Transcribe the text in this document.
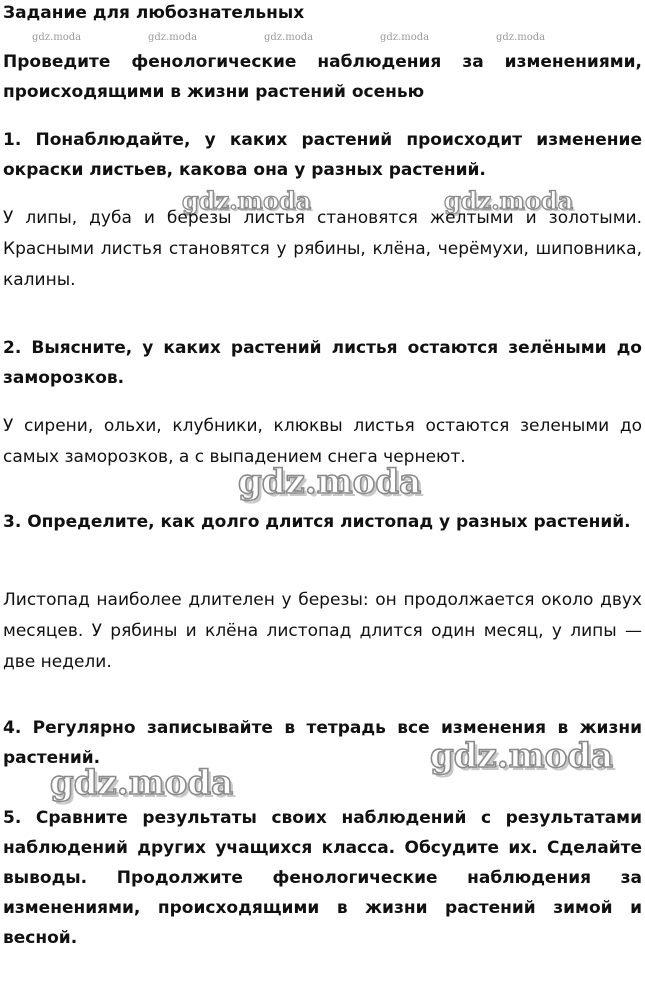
Задание для любознательных

gdz.moda	gdz.moda	gdz.moda	gdz.moda	gdz.moda

Проведите фенологические наблюдения за изменениями, происходящими в жизни растений осенью

1. Понаблюдайте, у каких растений происходит изменение окраски листьев, какова она у разных растений.

gdz.moda	gdz.moda

У липы, дуба и березы листья становятся желтыми и золотыми. Красными листья становятся у рябины, клёна, черёмухи, шиповника, калины.

2. Выясните, у каких растений листья остаются зелёными до заморозков.

У сирени, ольхи, клубники, клюквы листья остаются зелеными до самых заморозков, а с выпадением снега чернеют.

gdz.moda

3. Определите, как долго длится листопад у разных растений.

Листопад наиболее длителен у березы: он продолжается около двух месяцев. У рябины и клёна листопад длится один месяц, у липы — две недели.

4. Регулярно записывайте в тетрадь все изменения в жизни растений.	gdz.moda
gdz.moda

5. Сравните результаты своих наблюдений с результатами наблюдений других учащихся класса. Обсудите их. Сделайте выводы. Продолжите фенологические наблюдения за изменениями, происходящими в жизни растений зимой и весной.
